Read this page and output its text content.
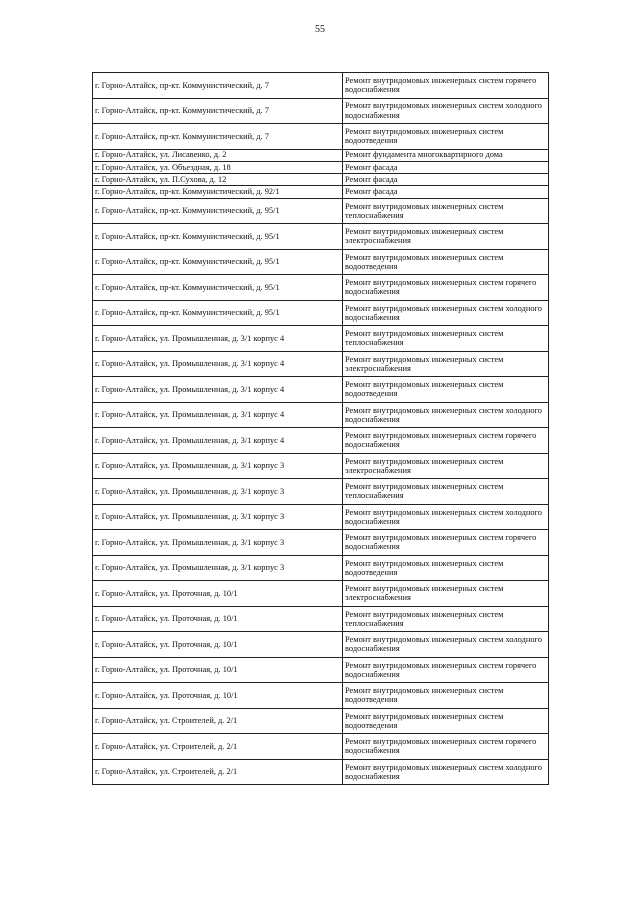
55
г. Горно-Алтайск, пр-кт. Коммунистический, д. 7	Ремонт внутридомовых инженерных систем горячего водоснабжения
г. Горно-Алтайск, пр-кт. Коммунистический, д. 7	Ремонт внутридомовых инженерных систем холодного водоснабжения
г. Горно-Алтайск, пр-кт. Коммунистический, д. 7	Ремонт внутридомовых инженерных систем водоотведения
г. Горно-Алтайск, ул. Лисавенко, д. 2	Ремонт фундамента многоквартирного дома
г. Горно-Алтайск, ул. Объездная, д. 18	Ремонт фасада
г. Горно-Алтайск, ул. П.Сухова, д. 12	Ремонт фасада
г. Горно-Алтайск, пр-кт. Коммунистический, д. 92/1	Ремонт фасада
г. Горно-Алтайск, пр-кт. Коммунистический, д. 95/1	Ремонт внутридомовых инженерных систем теплоснабжения
г. Горно-Алтайск, пр-кт. Коммунистический, д. 95/1	Ремонт внутридомовых инженерных систем электроснабжения
г. Горно-Алтайск, пр-кт. Коммунистический, д. 95/1	Ремонт внутридомовых инженерных систем водоотведения
г. Горно-Алтайск, пр-кт. Коммунистический, д. 95/1	Ремонт внутридомовых инженерных систем горячего водоснабжения
г. Горно-Алтайск, пр-кт. Коммунистический, д. 95/1	Ремонт внутридомовых инженерных систем холодного водоснабжения
г. Горно-Алтайск, ул. Промышленная, д. 3/1 корпус 4	Ремонт внутридомовых инженерных систем теплоснабжения
г. Горно-Алтайск, ул. Промышленная, д. 3/1 корпус 4	Ремонт внутридомовых инженерных систем электроснабжения
г. Горно-Алтайск, ул. Промышленная, д. 3/1 корпус 4	Ремонт внутридомовых инженерных систем водоотведения
г. Горно-Алтайск, ул. Промышленная, д. 3/1 корпус 4	Ремонт внутридомовых инженерных систем холодного водоснабжения
г. Горно-Алтайск, ул. Промышленная, д. 3/1 корпус 4	Ремонт внутридомовых инженерных систем горячего водоснабжения
г. Горно-Алтайск, ул. Промышленная, д. 3/1 корпус 3	Ремонт внутридомовых инженерных систем электроснабжения
г. Горно-Алтайск, ул. Промышленная, д. 3/1 корпус 3	Ремонт внутридомовых инженерных систем теплоснабжения
г. Горно-Алтайск, ул. Промышленная, д. 3/1 корпус 3	Ремонт внутридомовых инженерных систем холодного водоснабжения
г. Горно-Алтайск, ул. Промышленная, д. 3/1 корпус 3	Ремонт внутридомовых инженерных систем горячего водоснабжения
г. Горно-Алтайск, ул. Промышленная, д. 3/1 корпус 3	Ремонт внутридомовых инженерных систем водоотведения
г. Горно-Алтайск, ул. Проточная, д. 10/1	Ремонт внутридомовых инженерных систем электроснабжения
г. Горно-Алтайск, ул. Проточная, д. 10/1	Ремонт внутридомовых инженерных систем теплоснабжения
г. Горно-Алтайск, ул. Проточная, д. 10/1	Ремонт внутридомовых инженерных систем холодного водоснабжения
г. Горно-Алтайск, ул. Проточная, д. 10/1	Ремонт внутридомовых инженерных систем горячего водоснабжения
г. Горно-Алтайск, ул. Проточная, д. 10/1	Ремонт внутридомовых инженерных систем водоотведения
г. Горно-Алтайск, ул. Строителей, д. 2/1	Ремонт внутридомовых инженерных систем водоотведения
г. Горно-Алтайск, ул. Строителей, д. 2/1	Ремонт внутридомовых инженерных систем горячего водоснабжения
г. Горно-Алтайск, ул. Строителей, д. 2/1	Ремонт внутридомовых инженерных систем холодного водоснабжения
